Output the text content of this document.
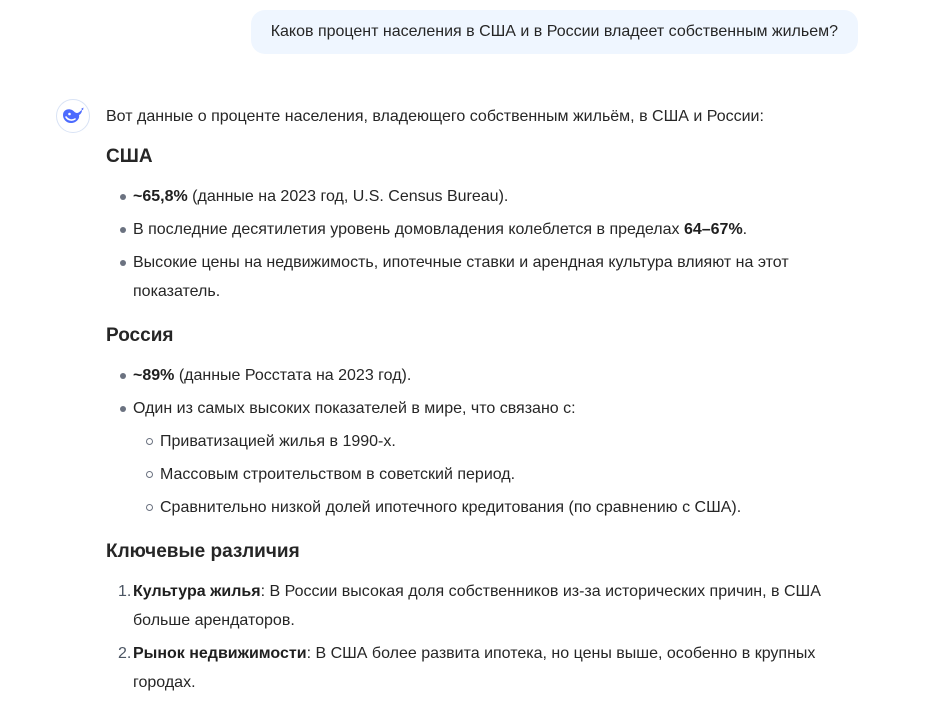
Каков процент населения в США и в России владеет собственным жильем?

Вот данные о проценте населения, владеющего собственным жильём, в США и России:

США
~65,8% (данные на 2023 год, U.S. Census Bureau).
В последние десятилетия уровень домовладения колеблется в пределах 64–67%.
Высокие цены на недвижимость, ипотечные ставки и арендная культура влияют на этот показатель.
Россия
~89% (данные Росстата на 2023 год).
Один из самых высоких показателей в мире, что связано с:
Приватизацией жилья в 1990-х.
Массовым строительством в советский период.
Сравнительно низкой долей ипотечного кредитования (по сравнению с США).
Ключевые различия
1. Культура жилья: В России высокая доля собственников из-за исторических причин, в США больше арендаторов.
2. Рынок недвижимости: В США более развита ипотека, но цены выше, особенно в крупных городах.
